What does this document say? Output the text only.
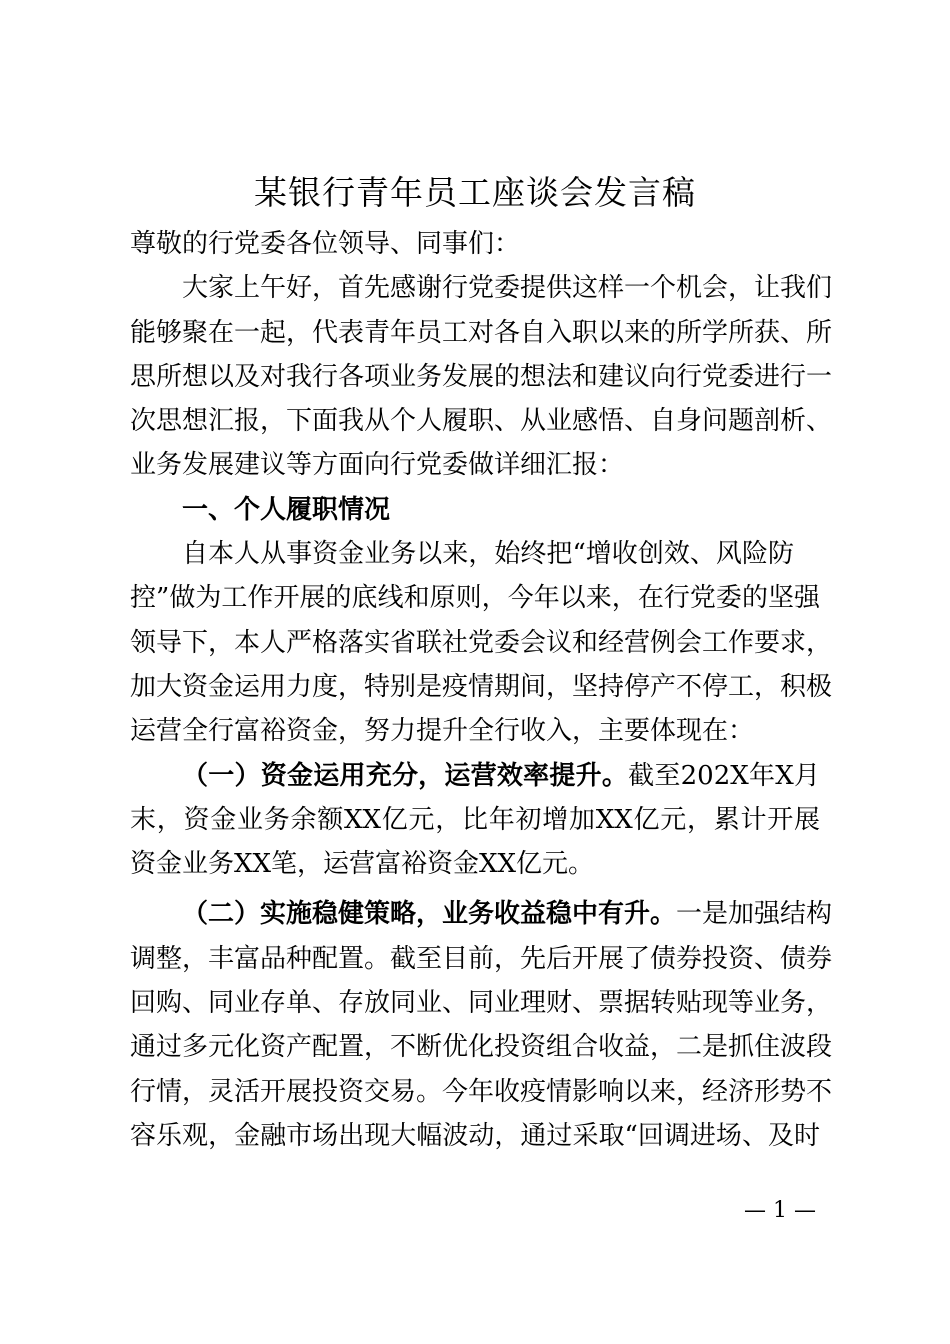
某银行青年员工座谈会发言稿

尊敬的行党委各位领导、同事们：

大家上午好，首先感谢行党委提供这样一个机会，让我们
能够聚在一起，代表青年员工对各自入职以来的所学所获、所
思所想以及对我行各项业务发展的想法和建议向行党委进行一
次思想汇报，下面我从个人履职、从业感悟、自身问题剖析、
业务发展建议等方面向行党委做详细汇报：

一、个人履职情况

自本人从事资金业务以来，始终把“增收创效、风险防
控”做为工作开展的底线和原则，今年以来，在行党委的坚强
领导下，本人严格落实省联社党委会议和经营例会工作要求，
加大资金运用力度，特别是疫情期间，坚持停产不停工，积极
运营全行富裕资金，努力提升全行收入，主要体现在：
（一）资金运用充分，运营效率提升。截至202X年X月
末，资金业务余额XX亿元，比年初增加XX亿元，累计开展
资金业务XX笔，运营富裕资金XX亿元。
（二）实施稳健策略，业务收益稳中有升。一是加强结构
调整，丰富品种配置。截至目前，先后开展了债券投资、债券
回购、同业存单、存放同业、同业理财、票据转贴现等业务，
通过多元化资产配置，不断优化投资组合收益，二是抓住波段
行情，灵活开展投资交易。今年收疫情影响以来，经济形势不
容乐观，金融市场出现大幅波动，通过采取“回调进场、及时
— 1 —
